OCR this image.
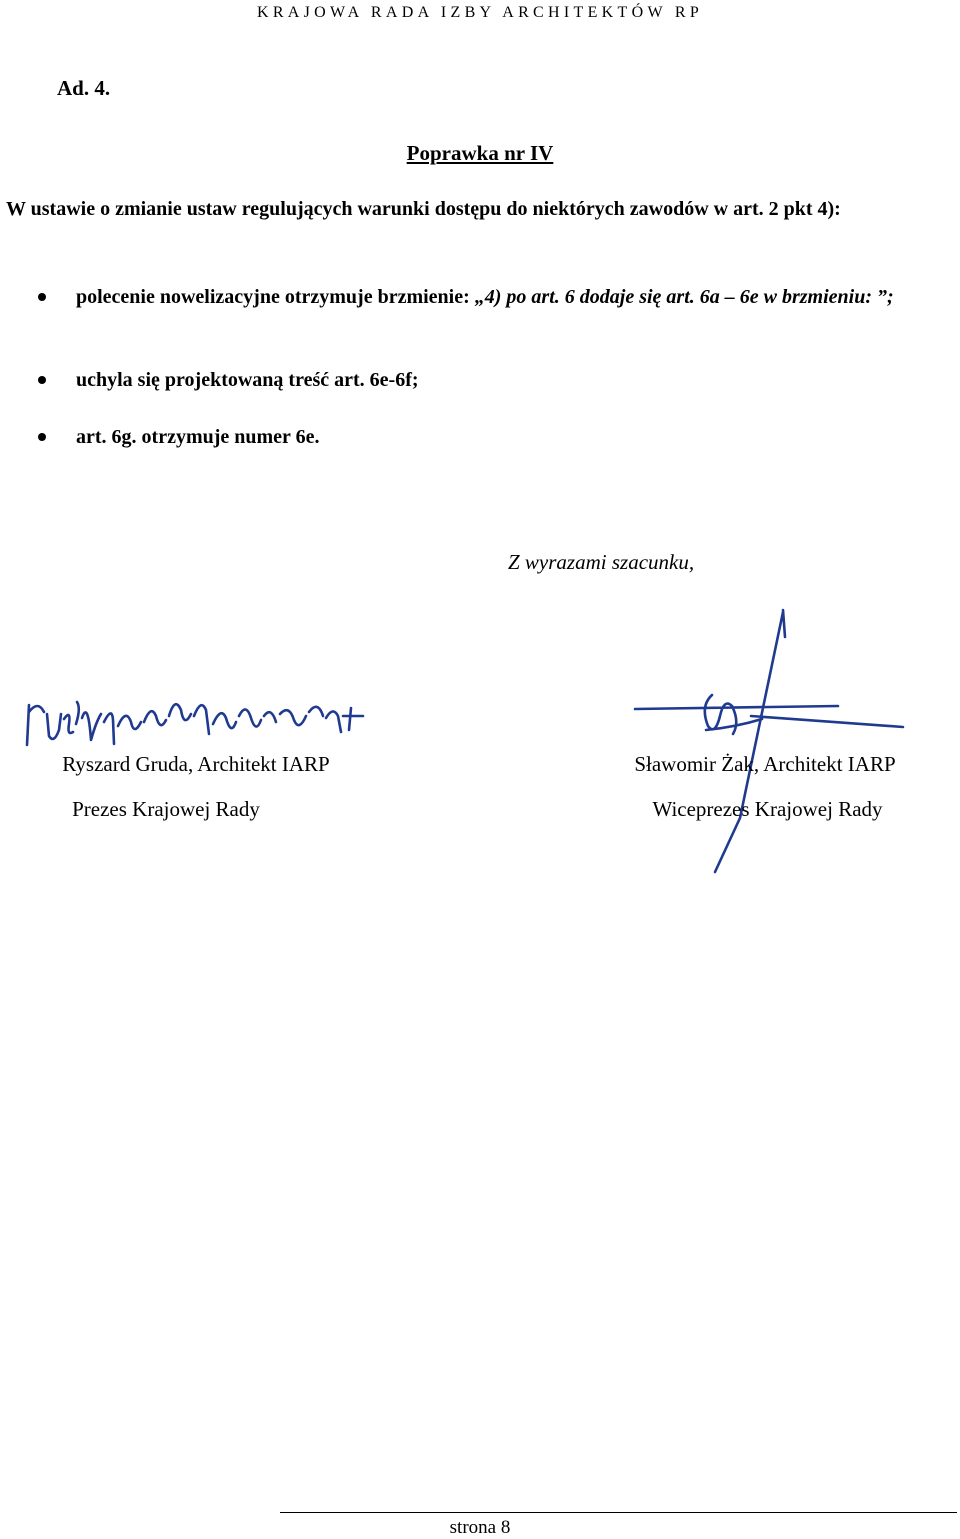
KRAJOWA RADA IZBY ARCHITEKTÓW RP
Ad. 4.
Poprawka nr IV
W ustawie o zmianie ustaw regulujących warunki dostępu do niektórych zawodów w art. 2 pkt 4):
polecenie nowelizacyjne otrzymuje brzmienie: „4) po art. 6 dodaje się art. 6a – 6e w brzmieniu: ”;
uchyla się projektowaną treść art. 6e-6f;
art. 6g. otrzymuje numer 6e.
Z wyrazami szacunku,
Ryszard Gruda, Architekt IARP
Prezes Krajowej Rady
Sławomir Żak, Architekt IARP
Wiceprezes Krajowej Rady
strona 8
